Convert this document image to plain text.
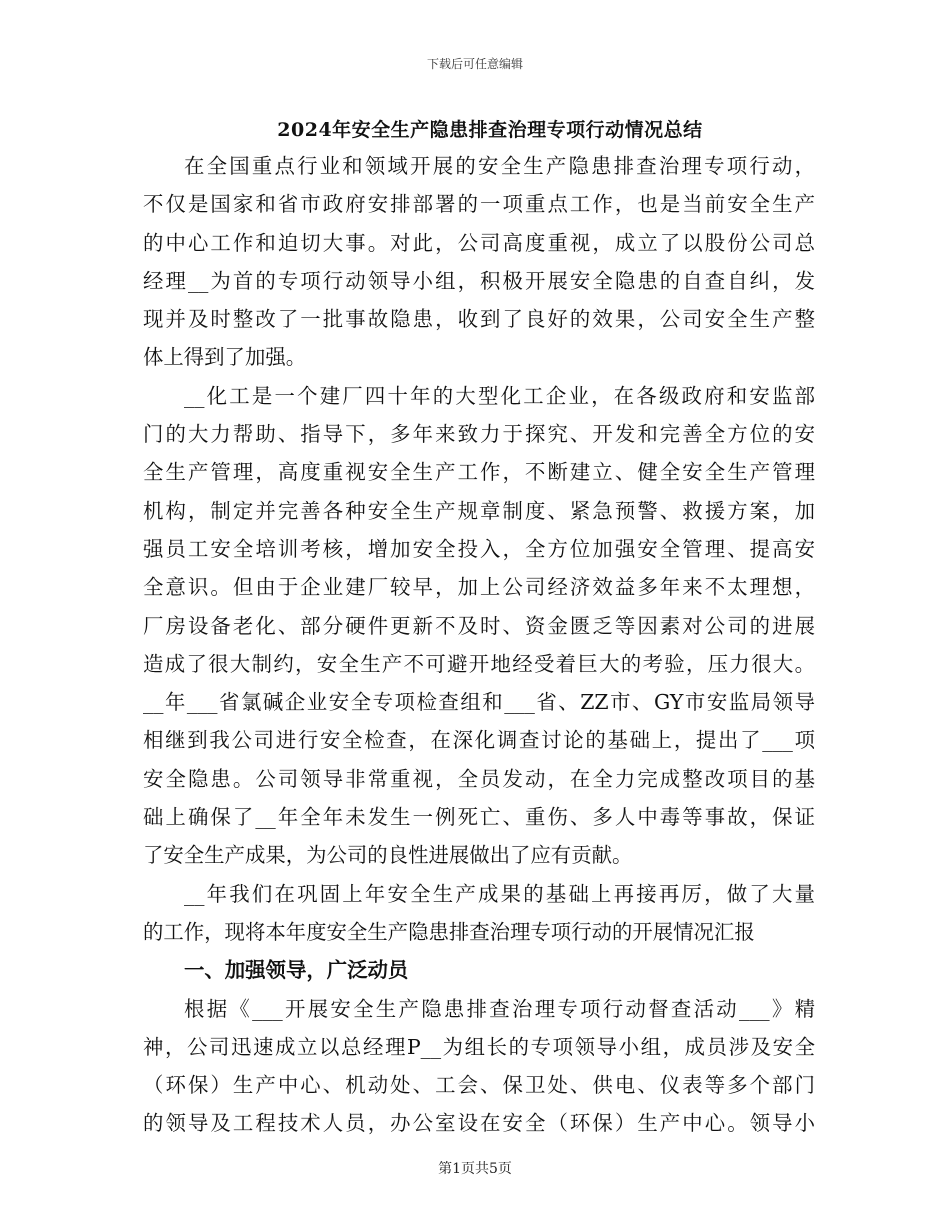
下载后可任意编辑
2024年安全生产隐患排查治理专项行动情况总结
在全国重点行业和领域开展的安全生产隐患排查治理专项行动，
不仅是国家和省市政府安排部署的一项重点工作，也是当前安全生产
的中心工作和迫切大事。对此，公司高度重视，成立了以股份公司总
经理__为首的专项行动领导小组，积极开展安全隐患的自查自纠，发
现并及时整改了一批事故隐患，收到了良好的效果，公司安全生产整
体上得到了加强。
__化工是一个建厂四十年的大型化工企业，在各级政府和安监部
门的大力帮助、指导下，多年来致力于探究、开发和完善全方位的安
全生产管理，高度重视安全生产工作，不断建立、健全安全生产管理
机构，制定并完善各种安全生产规章制度、紧急预警、救援方案，加
强员工安全培训考核，增加安全投入，全方位加强安全管理、提高安
全意识。但由于企业建厂较早，加上公司经济效益多年来不太理想，
厂房设备老化、部分硬件更新不及时、资金匮乏等因素对公司的进展
造成了很大制约，安全生产不可避开地经受着巨大的考验，压力很大。
__年___省氯碱企业安全专项检查组和___省、ZZ市、GY市安监局领导
相继到我公司进行安全检查，在深化调查讨论的基础上，提出了___项
安全隐患。公司领导非常重视，全员发动，在全力完成整改项目的基
础上确保了__年全年未发生一例死亡、重伤、多人中毒等事故，保证
了安全生产成果，为公司的良性进展做出了应有贡献。
__年我们在巩固上年安全生产成果的基础上再接再厉，做了大量
的工作，现将本年度安全生产隐患排查治理专项行动的开展情况汇报
一、加强领导，广泛动员
根据《___开展安全生产隐患排查治理专项行动督查活动___》精
神，公司迅速成立以总经理P__为组长的专项领导小组，成员涉及安全
（环保）生产中心、机动处、工会、保卫处、供电、仪表等多个部门
的领导及工程技术人员，办公室设在安全（环保）生产中心。领导小
第1页共5页
